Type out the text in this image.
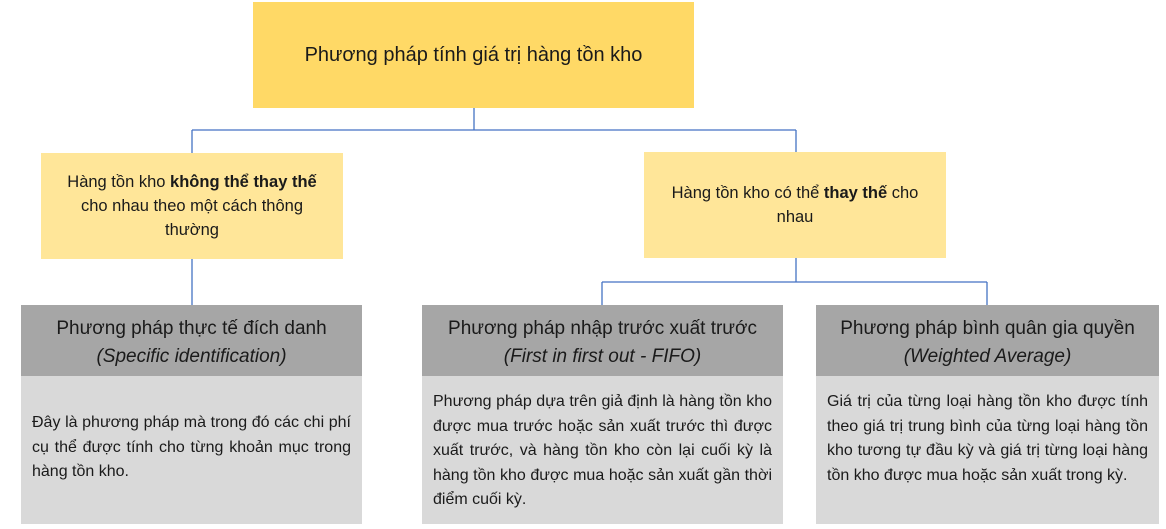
Phương pháp tính giá trị hàng tồn kho
Hàng tồn kho không thể thay thế cho nhau theo một cách thông thường
Hàng tồn kho có thể thay thế cho nhau
Phương pháp thực tế đích danh
(Specific identification)
Đây là phương pháp mà trong đó các chi phí cụ thể được tính cho từng khoản mục trong hàng tồn kho.
Phương pháp nhập trước xuất trước
(First in first out - FIFO)
Phương pháp dựa trên giả định là hàng tồn kho được mua trước hoặc sản xuất trước thì được xuất trước, và hàng tồn kho còn lại cuối kỳ là hàng tồn kho được mua hoặc sản xuất gần thời điểm cuối kỳ.
Phương pháp bình quân gia quyền
(Weighted Average)
Giá trị của từng loại hàng tồn kho được tính theo giá trị trung bình của từng loại hàng tồn kho tương tự đầu kỳ và giá trị từng loại hàng tồn kho được mua hoặc sản xuất trong kỳ.
